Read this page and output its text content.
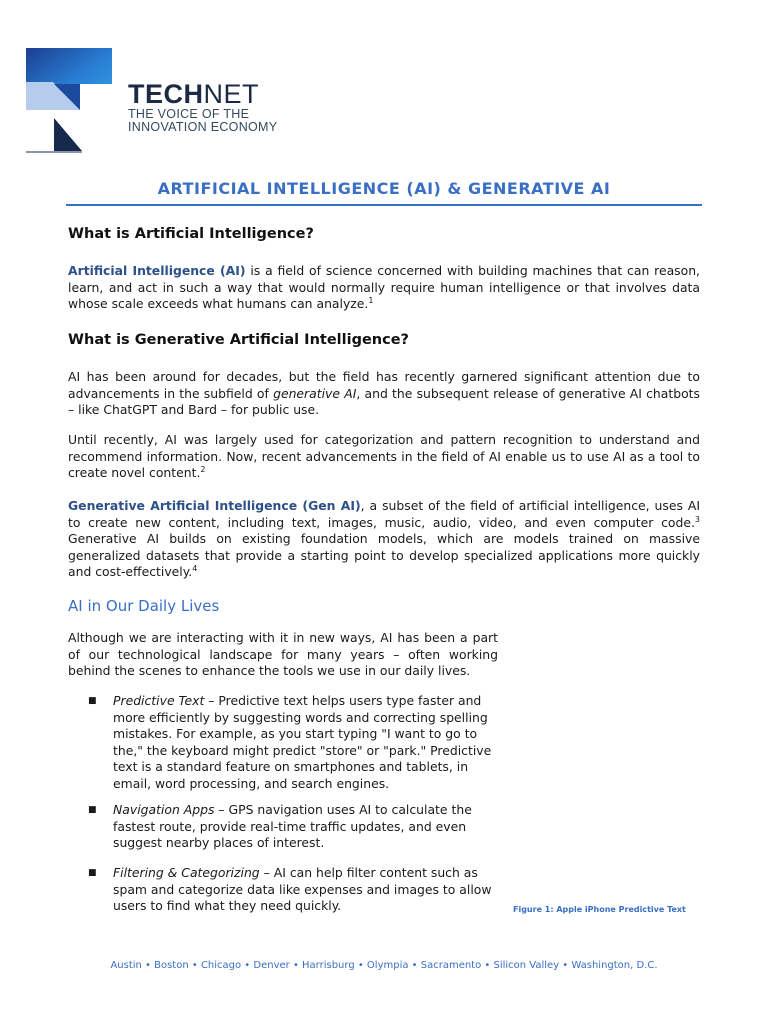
TECHNET
THE VOICE OF THE
INNOVATION ECONOMY
ARTIFICIAL INTELLIGENCE (AI) & GENERATIVE AI
What is Artificial Intelligence?
Artificial Intelligence (AI) is a field of science concerned with building machines that can reason, learn, and act in such a way that would normally require human intelligence or that involves data whose scale exceeds what humans can analyze.$^1$
What is Generative Artificial Intelligence?
AI has been around for decades, but the field has recently garnered significant attention due to advancements in the subfield of generative AI, and the subsequent release of generative AI chatbots – like ChatGPT and Bard – for public use.
Until recently, AI was largely used for categorization and pattern recognition to understand and recommend information. Now, recent advancements in the field of AI enable us to use AI as a tool to create novel content.$^2$
Generative Artificial Intelligence (Gen AI), a subset of the field of artificial intelligence, uses AI to create new content, including text, images, music, audio, video, and even computer code.$^3$ Generative AI builds on existing foundation models, which are models trained on massive generalized datasets that provide a starting point to develop specialized applications more quickly and cost-effectively.$^4$
AI in Our Daily Lives
Although we are interacting with it in new ways, AI has been a part of our technological landscape for many years – often working behind the scenes to enhance the tools we use in our daily lives.
■ Predictive Text – Predictive text helps users type faster and more efficiently by suggesting words and correcting spelling mistakes. For example, as you start typing "I want to go to the," the keyboard might predict "store" or "park." Predictive text is a standard feature on smartphones and tablets, in email, word processing, and search engines.
■ Navigation Apps – GPS navigation uses AI to calculate the fastest route, provide real-time traffic updates, and even suggest nearby places of interest.
■ Filtering & Categorizing – AI can help filter content such as spam and categorize data like expenses and images to allow users to find what they need quickly.	Figure 1: Apple iPhone Predictive Text
Austin • Boston • Chicago • Denver • Harrisburg • Olympia • Sacramento • Silicon Valley • Washington, D.C.
